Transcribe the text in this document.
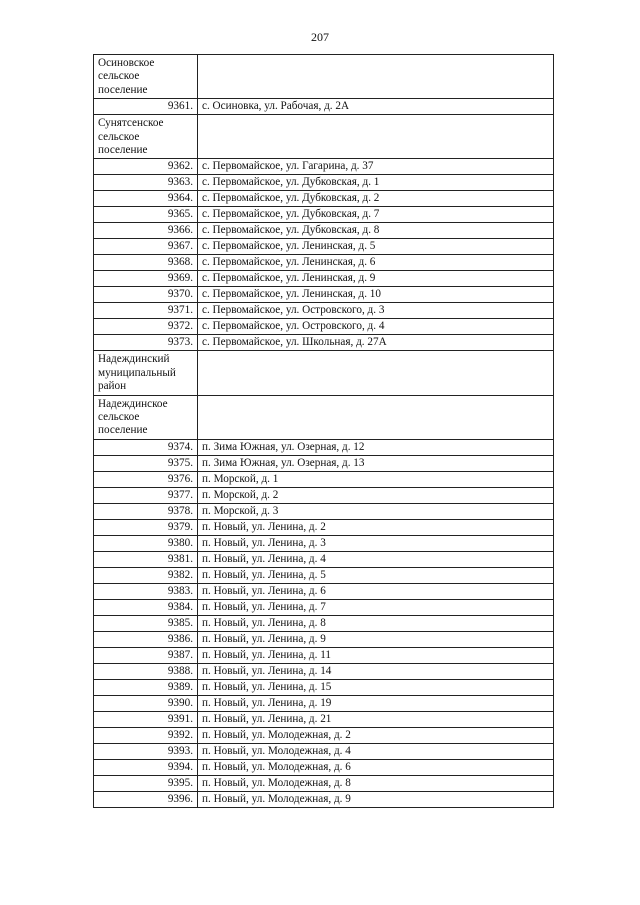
207
Осиновское
сельское
поселение	

9361.	с. Осиновка, ул. Рабочая, д. 2А

Сунятсенское
сельское
поселение	

9362.	с. Первомайское, ул. Гагарина, д. 37
9363.	с. Первомайское, ул. Дубковская, д. 1
9364.	с. Первомайское, ул. Дубковская, д. 2
9365.	с. Первомайское, ул. Дубковская, д. 7
9366.	с. Первомайское, ул. Дубковская, д. 8
9367.	с. Первомайское, ул. Ленинская, д. 5
9368.	с. Первомайское, ул. Ленинская, д. 6
9369.	с. Первомайское, ул. Ленинская, д. 9
9370.	с. Первомайское, ул. Ленинская, д. 10
9371.	с. Первомайское, ул. Островского, д. 3
9372.	с. Первомайское, ул. Островского, д. 4
9373.	с. Первомайское, ул. Школьная, д. 27А

Надеждинский
муниципальный
район	

Надеждинское
сельское
поселение	

9374.	п. Зима Южная, ул. Озерная, д. 12
9375.	п. Зима Южная, ул. Озерная, д. 13
9376.	п. Морской, д. 1
9377.	п. Морской, д. 2
9378.	п. Морской, д. 3
9379.	п. Новый, ул. Ленина, д. 2
9380.	п. Новый, ул. Ленина, д. 3
9381.	п. Новый, ул. Ленина, д. 4
9382.	п. Новый, ул. Ленина, д. 5
9383.	п. Новый, ул. Ленина, д. 6
9384.	п. Новый, ул. Ленина, д. 7
9385.	п. Новый, ул. Ленина, д. 8
9386.	п. Новый, ул. Ленина, д. 9
9387.	п. Новый, ул. Ленина, д. 11
9388.	п. Новый, ул. Ленина, д. 14
9389.	п. Новый, ул. Ленина, д. 15
9390.	п. Новый, ул. Ленина, д. 19
9391.	п. Новый, ул. Ленина, д. 21
9392.	п. Новый, ул. Молодежная, д. 2
9393.	п. Новый, ул. Молодежная, д. 4
9394.	п. Новый, ул. Молодежная, д. 6
9395.	п. Новый, ул. Молодежная, д. 8
9396.	п. Новый, ул. Молодежная, д. 9
